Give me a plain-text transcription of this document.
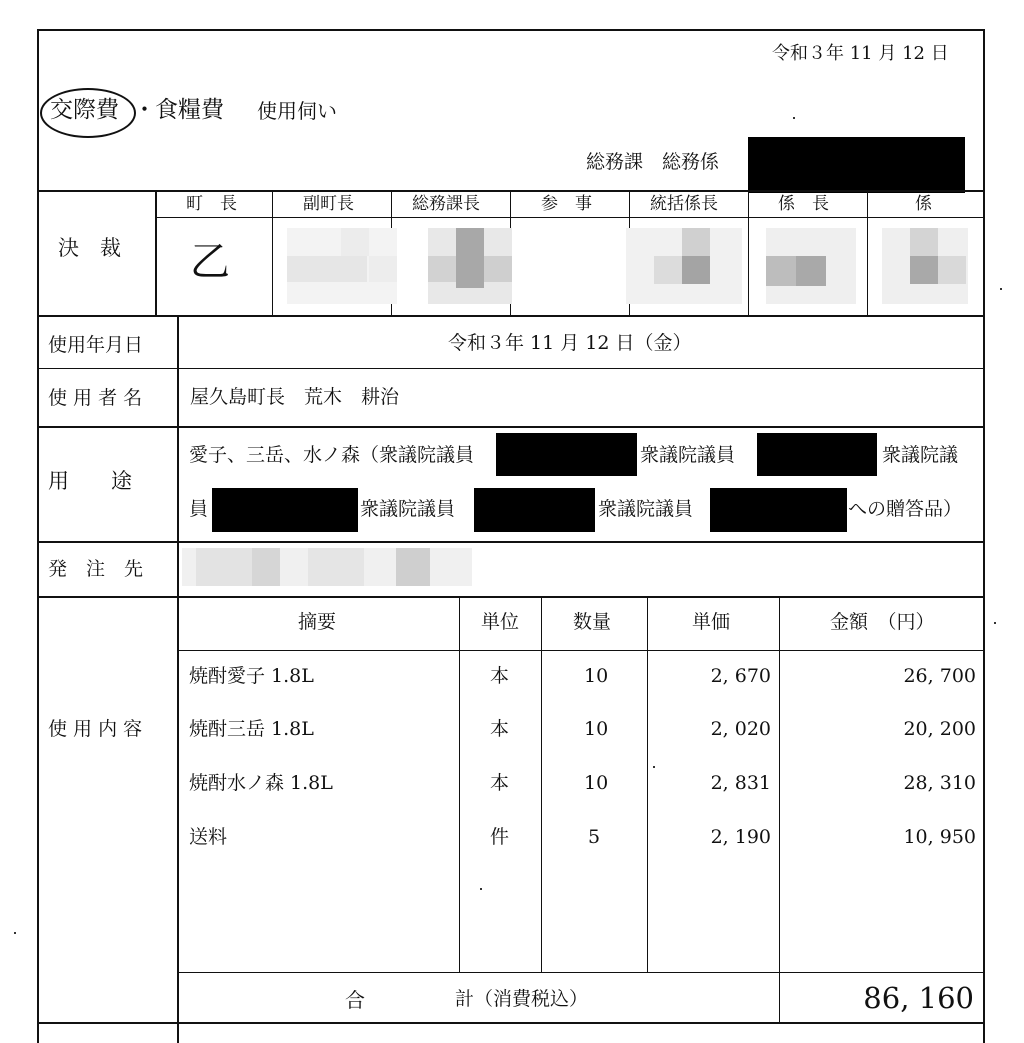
令和３年 11 月 12 日
交際費 ・ 食糧費 使用伺い
総務課　総務係
決　裁
町　長	副町長	総務課長	参　事	統括係長	係　長	係
乙
使用年月日	令和３年 11 月 12 日（金）
使 用 者 名	屋久島町長　荒木　耕治
用　　途
愛子、三岳、水ノ森（衆議院議員	衆議院議員	衆議院議
員	衆議院議員	衆議院議員	への贈答品）
発　注　先
使 用 内 容
摘要	単位	数量	単価	金額　（円）
焼酎愛子 1.8L	本	10	2, 670	26, 700
焼酎三岳 1.8L	本	10	2, 020	20, 200
焼酎水ノ森 1.8L	本	10	2, 831	28, 310
送料	件	5	2, 190	10, 950
合	計（消費税込）	86, 160
